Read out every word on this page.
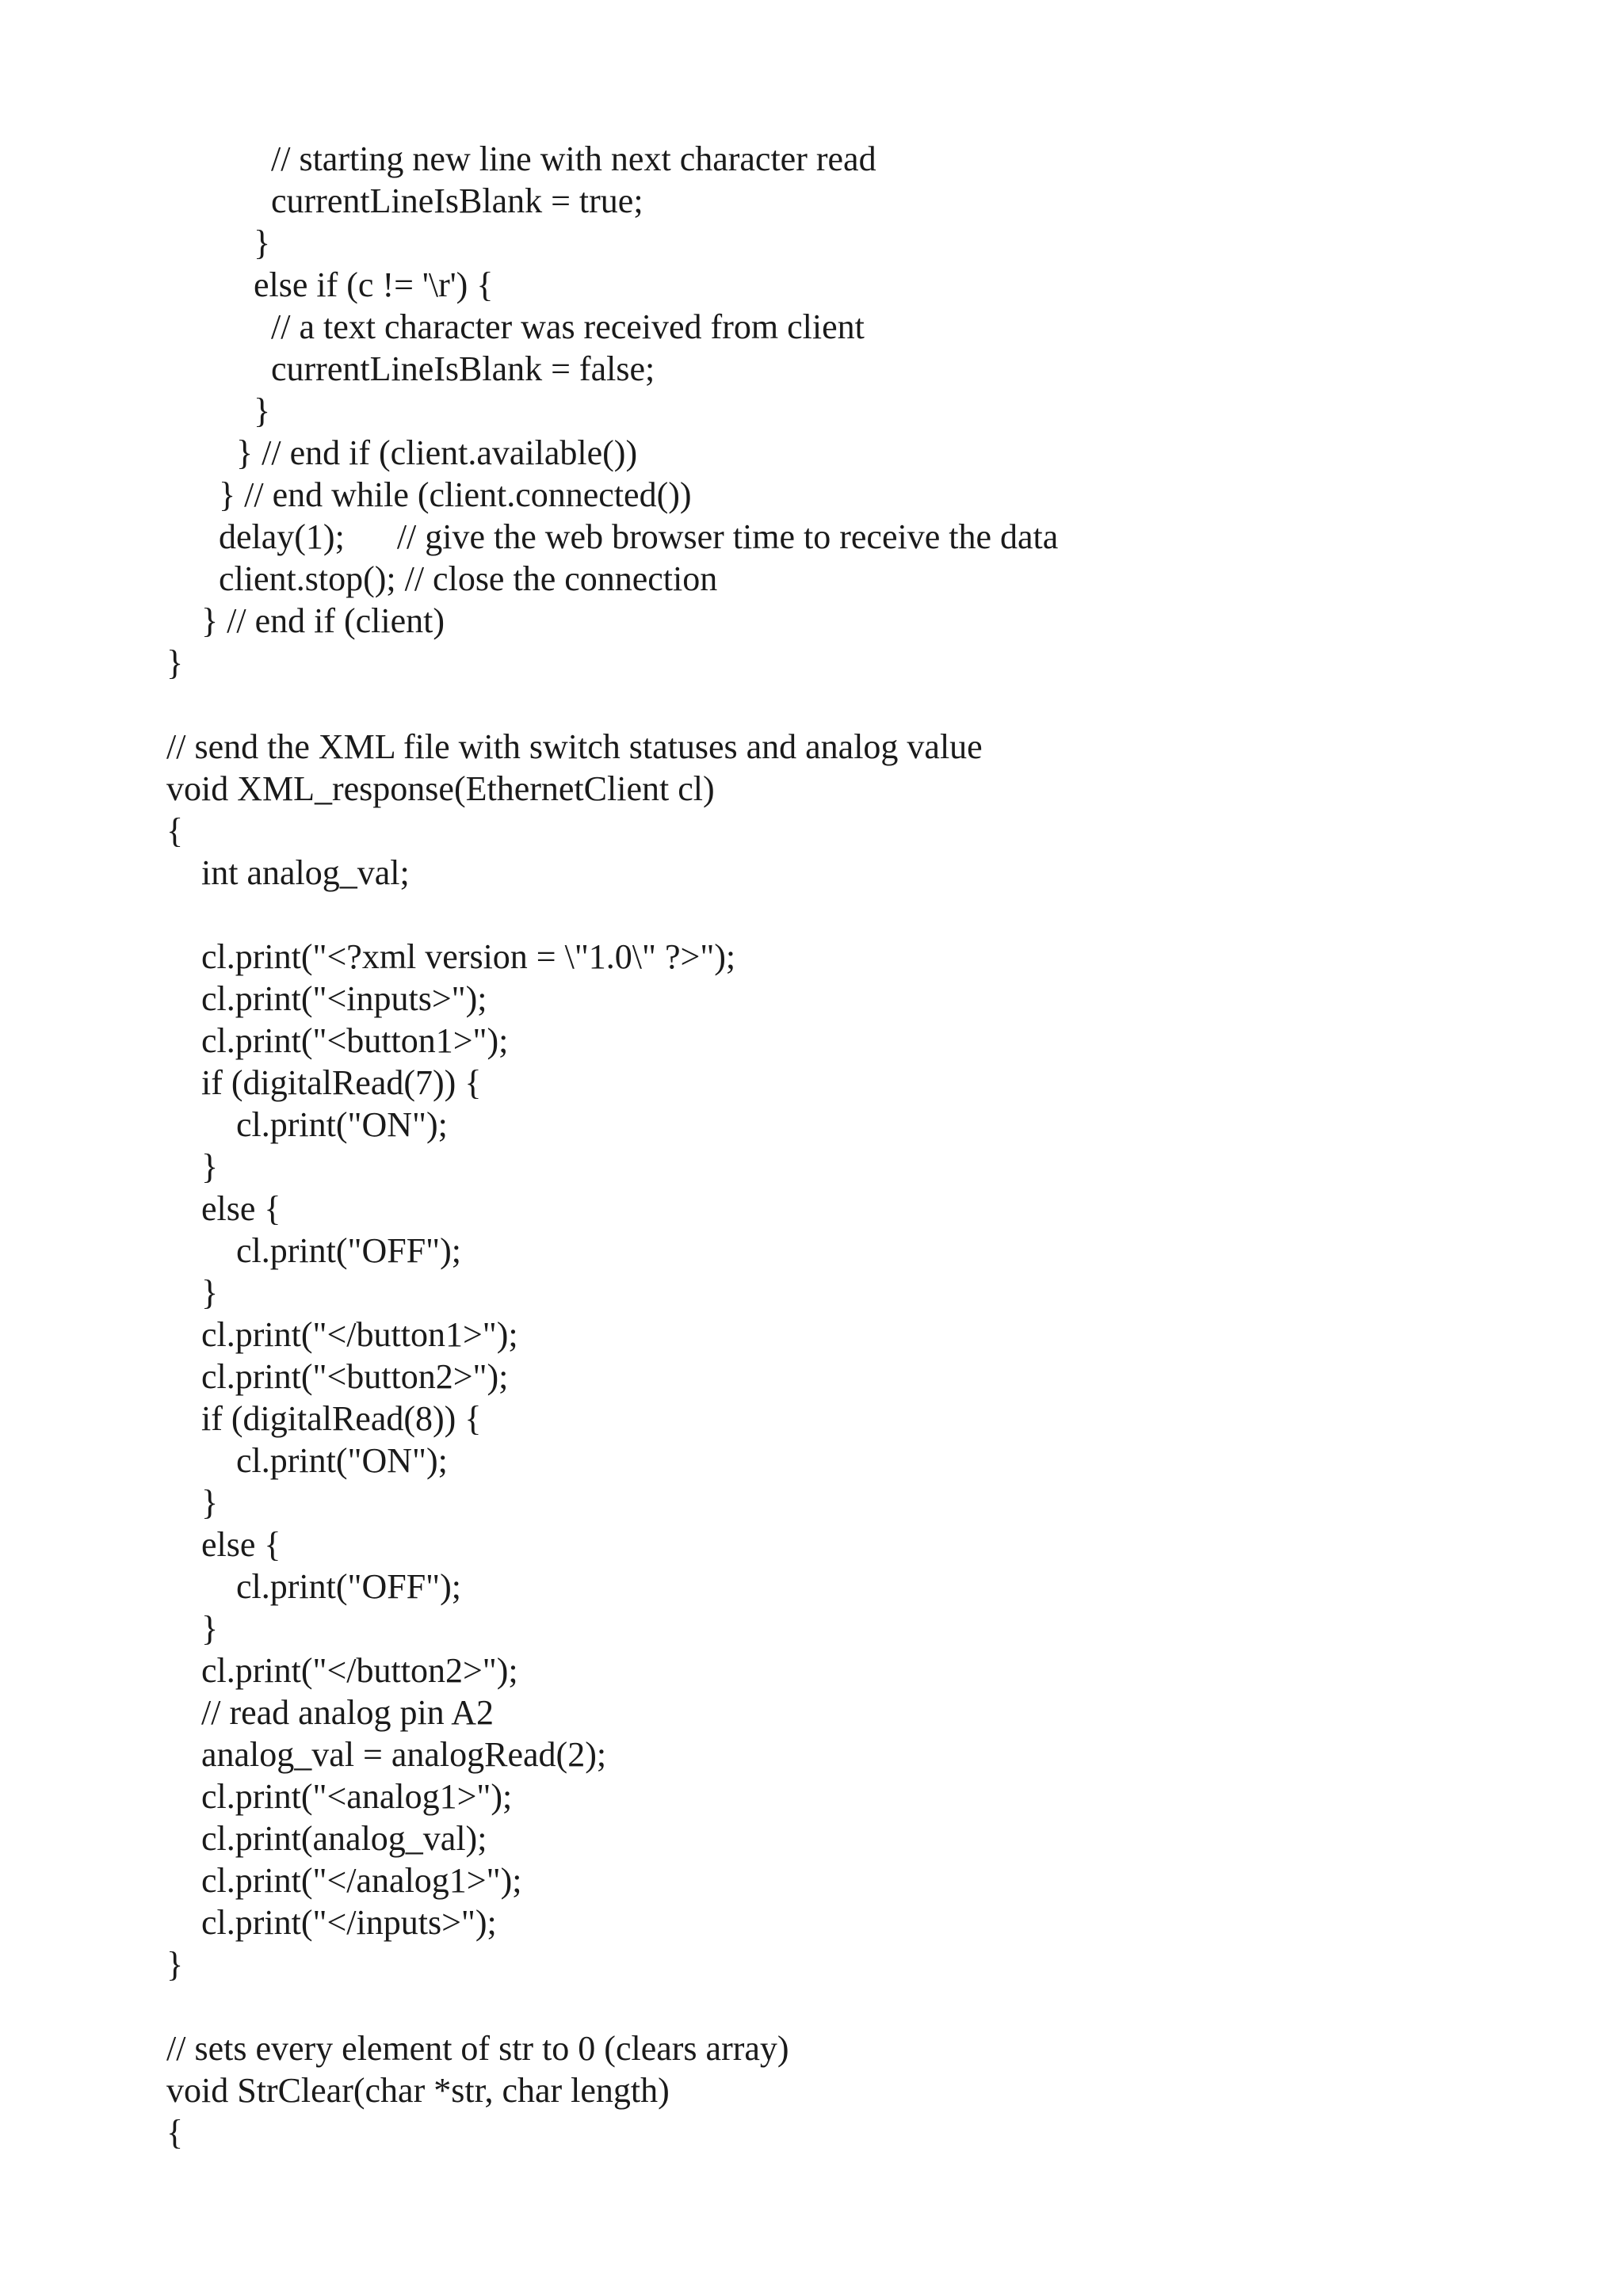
// starting new line with next character read
currentLineIsBlank = true;
}
else if (c != '\r') {
// a text character was received from client
currentLineIsBlank = false;
}
} // end if (client.available())
} // end while (client.connected())
delay(1);      // give the web browser time to receive the data
client.stop(); // close the connection
} // end if (client)
}
// send the XML file with switch statuses and analog value
void XML_response(EthernetClient cl)
{
int analog_val;
cl.print("<?xml version = \"1.0\" ?>");
cl.print("<inputs>");
cl.print("<button1>");
if (digitalRead(7)) {
cl.print("ON");
}
else {
cl.print("OFF");
}
cl.print("</button1>");
cl.print("<button2>");
if (digitalRead(8)) {
cl.print("ON");
}
else {
cl.print("OFF");
}
cl.print("</button2>");
// read analog pin A2
analog_val = analogRead(2);
cl.print("<analog1>");
cl.print(analog_val);
cl.print("</analog1>");
cl.print("</inputs>");
}
// sets every element of str to 0 (clears array)
void StrClear(char *str, char length)
{
